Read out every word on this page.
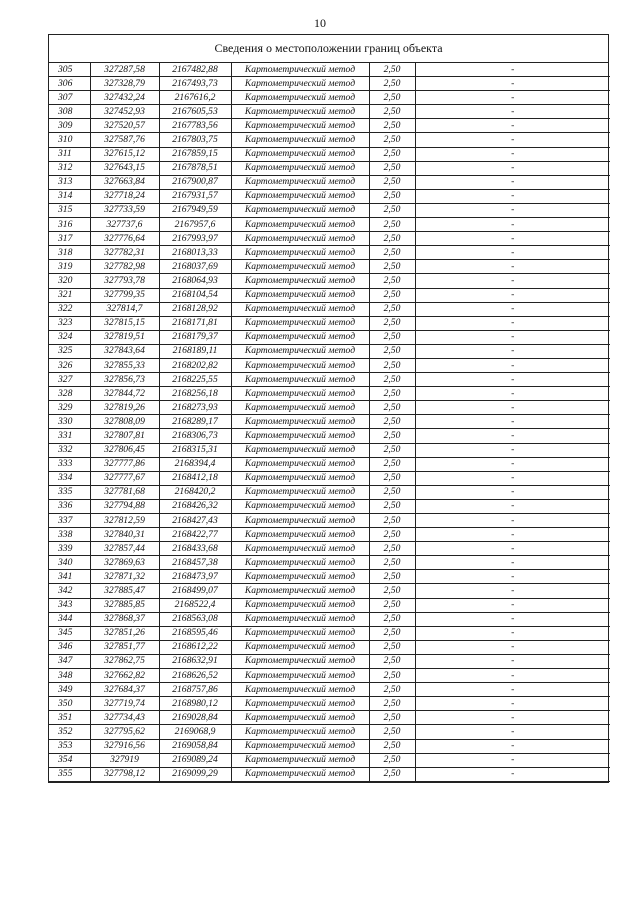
10
Сведения о местоположении границ объекта
305	327287,58	2167482,88	Картометрический метод	2,50	-
306	327328,79	2167493,73	Картометрический метод	2,50	-
307	327432,24	2167616,2	Картометрический метод	2,50	-
308	327452,93	2167605,53	Картометрический метод	2,50	-
309	327520,57	2167783,56	Картометрический метод	2,50	-
310	327587,76	2167803,75	Картометрический метод	2,50	-
311	327615,12	2167859,15	Картометрический метод	2,50	-
312	327643,15	2167878,51	Картометрический метод	2,50	-
313	327663,84	2167900,87	Картометрический метод	2,50	-
314	327718,24	2167931,57	Картометрический метод	2,50	-
315	327733,59	2167949,59	Картометрический метод	2,50	-
316	327737,6	2167957,6	Картометрический метод	2,50	-
317	327776,64	2167993,97	Картометрический метод	2,50	-
318	327782,31	2168013,33	Картометрический метод	2,50	-
319	327782,98	2168037,69	Картометрический метод	2,50	-
320	327793,78	2168064,93	Картометрический метод	2,50	-
321	327799,35	2168104,54	Картометрический метод	2,50	-
322	327814,7	2168128,92	Картометрический метод	2,50	-
323	327815,15	2168171,81	Картометрический метод	2,50	-
324	327819,51	2168179,37	Картометрический метод	2,50	-
325	327843,64	2168189,11	Картометрический метод	2,50	-
326	327855,33	2168202,82	Картометрический метод	2,50	-
327	327856,73	2168225,55	Картометрический метод	2,50	-
328	327844,72	2168256,18	Картометрический метод	2,50	-
329	327819,26	2168273,93	Картометрический метод	2,50	-
330	327808,09	2168289,17	Картометрический метод	2,50	-
331	327807,81	2168306,73	Картометрический метод	2,50	-
332	327806,45	2168315,31	Картометрический метод	2,50	-
333	327777,86	2168394,4	Картометрический метод	2,50	-
334	327777,67	2168412,18	Картометрический метод	2,50	-
335	327781,68	2168420,2	Картометрический метод	2,50	-
336	327794,88	2168426,32	Картометрический метод	2,50	-
337	327812,59	2168427,43	Картометрический метод	2,50	-
338	327840,31	2168422,77	Картометрический метод	2,50	-
339	327857,44	2168433,68	Картометрический метод	2,50	-
340	327869,63	2168457,38	Картометрический метод	2,50	-
341	327871,32	2168473,97	Картометрический метод	2,50	-
342	327885,47	2168499,07	Картометрический метод	2,50	-
343	327885,85	2168522,4	Картометрический метод	2,50	-
344	327868,37	2168563,08	Картометрический метод	2,50	-
345	327851,26	2168595,46	Картометрический метод	2,50	-
346	327851,77	2168612,22	Картометрический метод	2,50	-
347	327862,75	2168632,91	Картометрический метод	2,50	-
348	327662,82	2168626,52	Картометрический метод	2,50	-
349	327684,37	2168757,86	Картометрический метод	2,50	-
350	327719,74	2168980,12	Картометрический метод	2,50	-
351	327734,43	2169028,84	Картометрический метод	2,50	-
352	327795,62	2169068,9	Картометрический метод	2,50	-
353	327916,56	2169058,84	Картометрический метод	2,50	-
354	327919	2169089,24	Картометрический метод	2,50	-
355	327798,12	2169099,29	Картометрический метод	2,50	-
